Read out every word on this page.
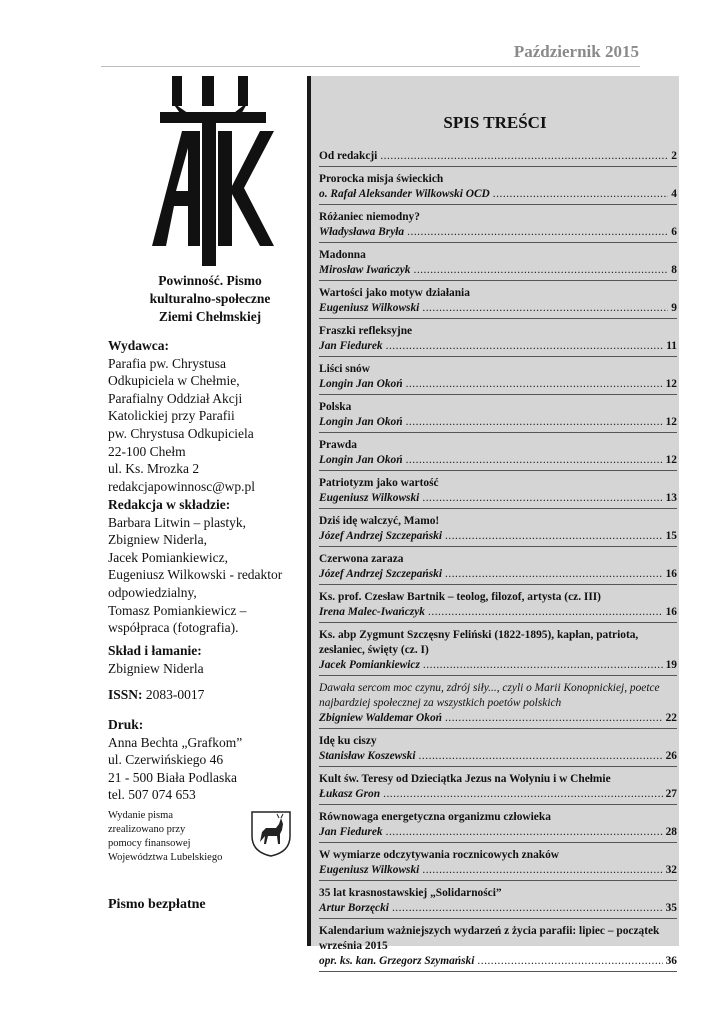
Październik 2015
Powinność. Pismo
kulturalno-społeczne
Ziemi Chełmskiej
Wydawca:
Parafia pw. Chrystusa
Odkupiciela w Chełmie,
Parafialny Oddział Akcji
Katolickiej przy Parafii
pw. Chrystusa Odkupiciela
22-100 Chełm
ul. Ks. Mrozka 2
redakcjapowinnosc@wp.pl
Redakcja w składzie:
Barbara Litwin – plastyk,
Zbigniew Niderla,
Jacek Pomiankiewicz,
Eugeniusz Wilkowski - redaktor
odpowiedzialny,
Tomasz Pomiankiewicz –
współpraca (fotografia).
Skład i łamanie:
Zbigniew Niderla
ISSN: 2083-0017
Druk:
Anna Bechta „Grafkom”
ul. Czerwińskiego 46
21 - 500 Biała Podlaska
tel. 507 074 653
Wydanie pisma
zrealizowano przy
pomocy finansowej
Województwa Lubelskiego
Pismo bezpłatne
SPIS TREŚCI
Od redakcji .....	2
Prorocka misja świeckich
o. Rafał Aleksander Wilkowski OCD .....	4
Różaniec niemodny?
Władysława Bryła .....	6
Madonna
Mirosław Iwańczyk .....	8
Wartości jako motyw działania
Eugeniusz Wilkowski .....	9
Fraszki refleksyjne
Jan Fiedurek .....	11
Liści snów
Longin Jan Okoń .....	12
Polska
Longin Jan Okoń .....	12
Prawda
Longin Jan Okoń .....	12
Patriotyzm jako wartość
Eugeniusz Wilkowski .....	13
Dziś idę walczyć, Mamo!
Józef Andrzej Szczepański .....	15
Czerwona zaraza
Józef Andrzej Szczepański .....	16
Ks. prof. Czesław Bartnik – teolog, filozof, artysta (cz. III)
Irena Malec-Iwańczyk .....	16
Ks. abp Zygmunt Szczęsny Feliński (1822-1895), kapłan, patriota, zesłaniec, święty (cz. I)
Jacek Pomiankiewicz .....	19
Dawała sercom moc czynu, zdrój siły..., czyli o Marii Konopnickiej, poetce najbardziej społecznej za wszystkich poetów polskich
Zbigniew Waldemar Okoń .....	22
Idę ku ciszy
Stanisław Koszewski .....	26
Kult św. Teresy od Dzieciątka Jezus na Wołyniu i w Chełmie
Łukasz Gron .....	27
Równowaga energetyczna organizmu człowieka
Jan Fiedurek .....	28
W wymiarze odczytywania rocznicowych znaków
Eugeniusz Wilkowski .....	32
35 lat krasnostawskiej „Solidarności”
Artur Borzęcki .....	35
Kalendarium ważniejszych wydarzeń z życia parafii: lipiec – początek września 2015
opr. ks. kan. Grzegorz Szymański .....	36
